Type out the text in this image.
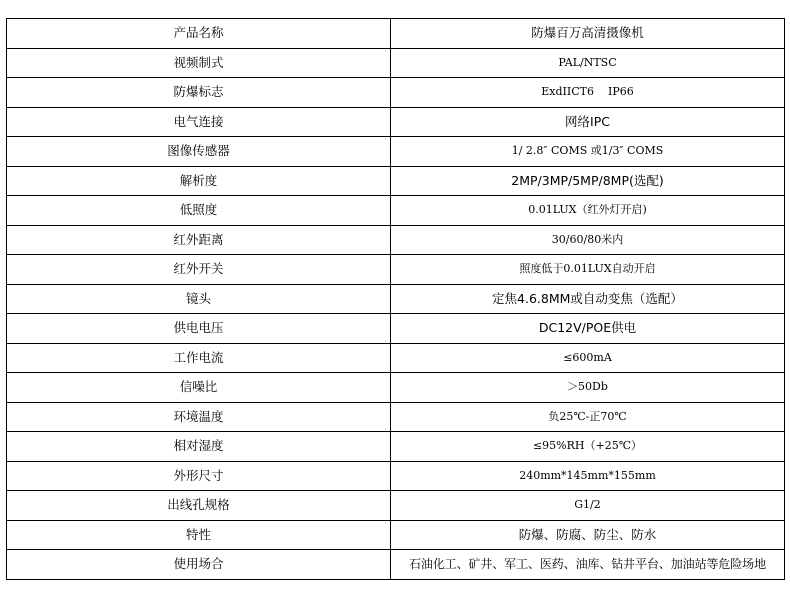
产品名称	防爆百万高清摄像机
视频制式	PAL/NTSC
防爆标志	ExdIICT6    IP66
电气连接	网络IPC
图像传感器	1/ 2.8″ COMS 或1/3″ COMS
解析度	2MP/3MP/5MP/8MP(选配)
低照度	0.01LUX（红外灯开启)
红外距离	30/60/80米内
红外开关	照度低于0.01LUX自动开启
镜头	定焦4.6.8MM或自动变焦（选配）
供电电压	DC12V/POE供电
工作电流	≤600mA
信噪比	＞50Db
环境温度	负25℃-正70℃
相对湿度	≤95%RH（+25℃）
外形尺寸	240mm*145mm*155mm
出线孔规格	G1/2
特性	防爆、防腐、防尘、防水
使用场合	石油化工、矿井、军工、医药、油库、钻井平台、加油站等危险场地
